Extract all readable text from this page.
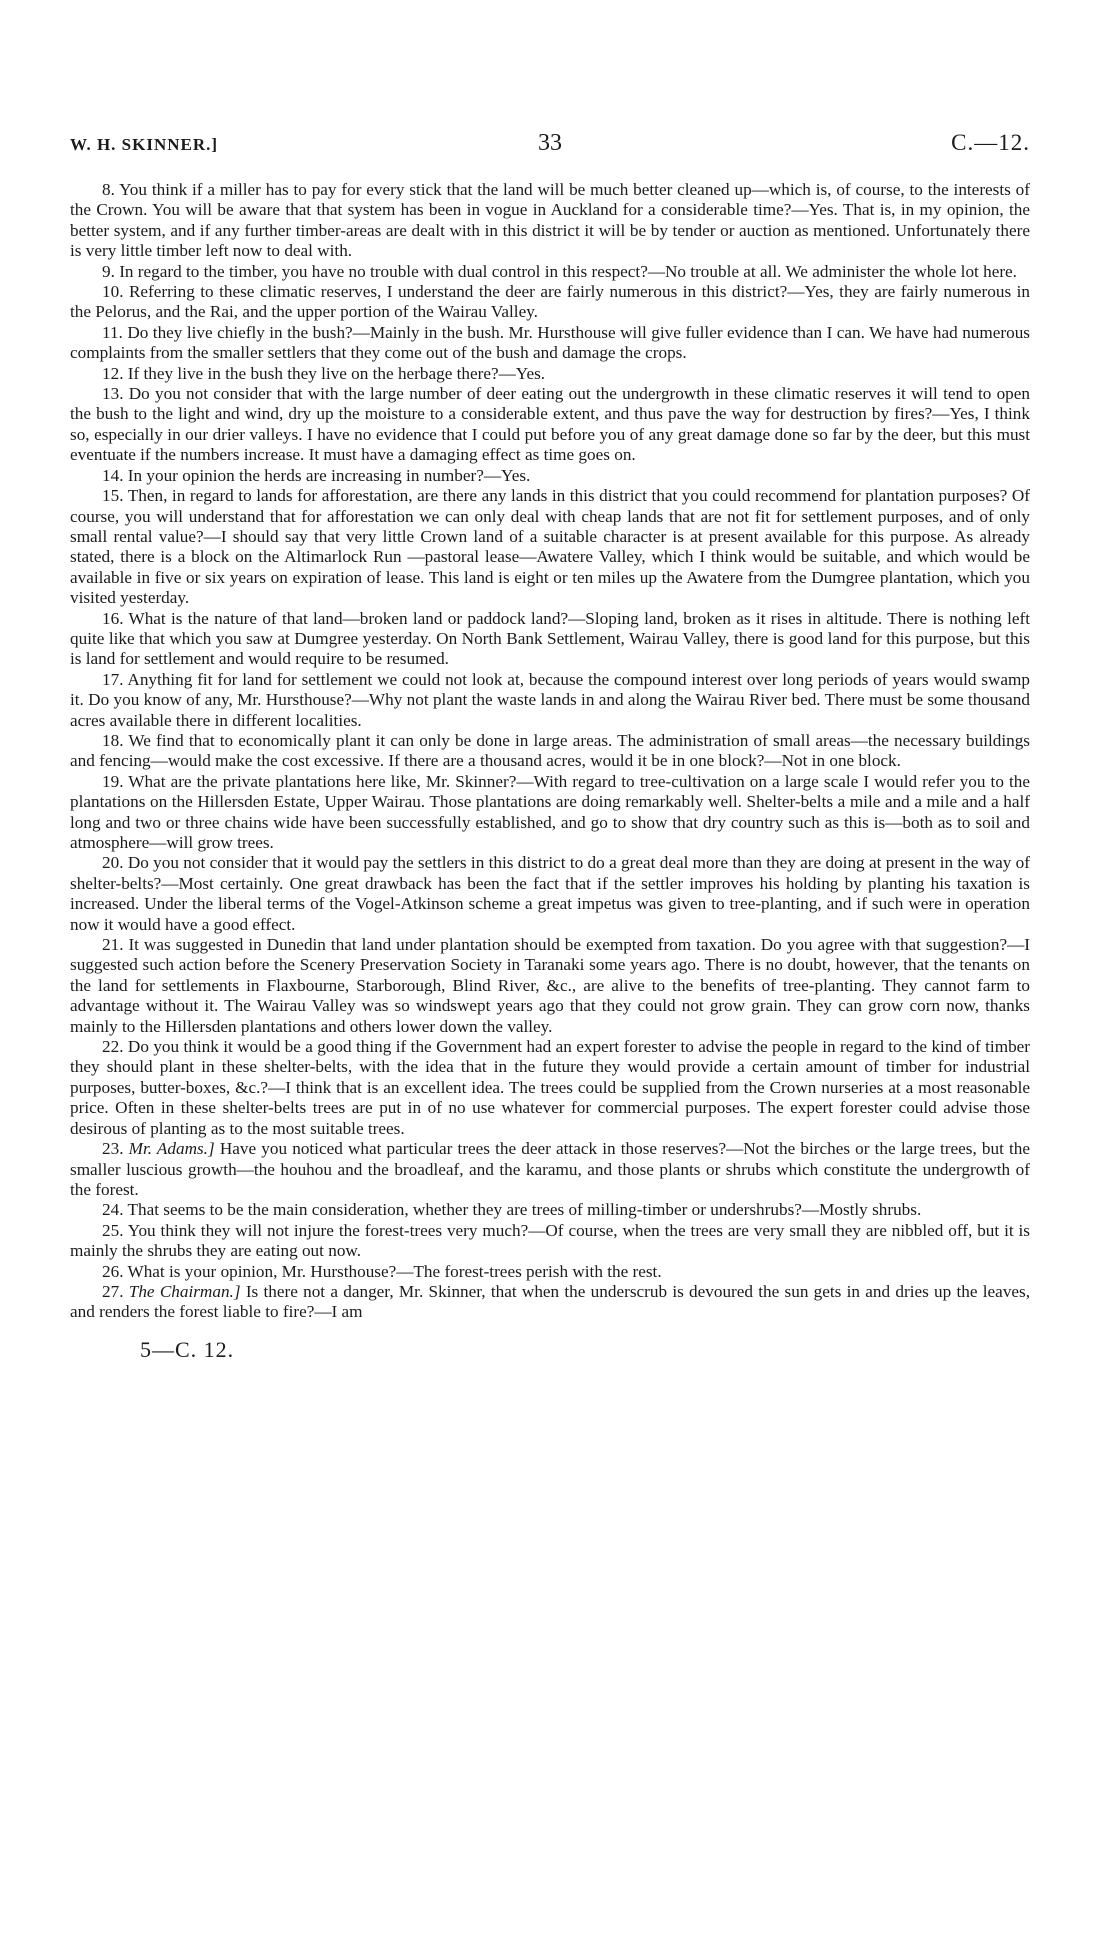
W. H. SKINNER.]	33	C.—12.

8. You think if a miller has to pay for every stick that the land will be much better cleaned up—which is, of course, to the interests of the Crown. You will be aware that that system has been in vogue in Auckland for a considerable time?—Yes. That is, in my opinion, the better system, and if any further timber-areas are dealt with in this district it will be by tender or auction as mentioned. Unfortunately there is very little timber left now to deal with.

9. In regard to the timber, you have no trouble with dual control in this respect?—No trouble at all. We administer the whole lot here.

10. Referring to these climatic reserves, I understand the deer are fairly numerous in this district?—Yes, they are fairly numerous in the Pelorus, and the Rai, and the upper portion of the Wairau Valley.

11. Do they live chiefly in the bush?—Mainly in the bush. Mr. Hursthouse will give fuller evidence than I can. We have had numerous complaints from the smaller settlers that they come out of the bush and damage the crops.

12. If they live in the bush they live on the herbage there?—Yes.

13. Do you not consider that with the large number of deer eating out the undergrowth in these climatic reserves it will tend to open the bush to the light and wind, dry up the moisture to a considerable extent, and thus pave the way for destruction by fires?—Yes, I think so, especially in our drier valleys. I have no evidence that I could put before you of any great damage done so far by the deer, but this must eventuate if the numbers increase. It must have a damaging effect as time goes on.

14. In your opinion the herds are increasing in number?—Yes.

15. Then, in regard to lands for afforestation, are there any lands in this district that you could recommend for plantation purposes? Of course, you will understand that for afforestation we can only deal with cheap lands that are not fit for settlement purposes, and of only small rental value?—I should say that very little Crown land of a suitable character is at present available for this purpose. As already stated, there is a block on the Altimarlock Run —pastoral lease—Awatere Valley, which I think would be suitable, and which would be available in five or six years on expiration of lease. This land is eight or ten miles up the Awatere from the Dumgree plantation, which you visited yesterday.

16. What is the nature of that land—broken land or paddock land?—Sloping land, broken as it rises in altitude. There is nothing left quite like that which you saw at Dumgree yesterday. On North Bank Settlement, Wairau Valley, there is good land for this purpose, but this is land for settlement and would require to be resumed.

17. Anything fit for land for settlement we could not look at, because the compound interest over long periods of years would swamp it. Do you know of any, Mr. Hursthouse?—Why not plant the waste lands in and along the Wairau River bed. There must be some thousand acres available there in different localities.

18. We find that to economically plant it can only be done in large areas. The administration of small areas—the necessary buildings and fencing—would make the cost excessive. If there are a thousand acres, would it be in one block?—Not in one block.

19. What are the private plantations here like, Mr. Skinner?—With regard to tree-cultivation on a large scale I would refer you to the plantations on the Hillersden Estate, Upper Wairau. Those plantations are doing remarkably well. Shelter-belts a mile and a mile and a half long and two or three chains wide have been successfully established, and go to show that dry country such as this is—both as to soil and atmosphere—will grow trees.

20. Do you not consider that it would pay the settlers in this district to do a great deal more than they are doing at present in the way of shelter-belts?—Most certainly. One great drawback has been the fact that if the settler improves his holding by planting his taxation is increased. Under the liberal terms of the Vogel-Atkinson scheme a great impetus was given to tree-planting, and if such were in operation now it would have a good effect.

21. It was suggested in Dunedin that land under plantation should be exempted from taxation. Do you agree with that suggestion?—I suggested such action before the Scenery Preservation Society in Taranaki some years ago. There is no doubt, however, that the tenants on the land for settlements in Flaxbourne, Starborough, Blind River, &c., are alive to the benefits of tree-planting. They cannot farm to advantage without it. The Wairau Valley was so windswept years ago that they could not grow grain. They can grow corn now, thanks mainly to the Hillersden plantations and others lower down the valley.

22. Do you think it would be a good thing if the Government had an expert forester to advise the people in regard to the kind of timber they should plant in these shelter-belts, with the idea that in the future they would provide a certain amount of timber for industrial purposes, butter-boxes, &c.?—I think that is an excellent idea. The trees could be supplied from the Crown nurseries at a most reasonable price. Often in these shelter-belts trees are put in of no use whatever for commercial purposes. The expert forester could advise those desirous of planting as to the most suitable trees.

23. Mr. Adams.] Have you noticed what particular trees the deer attack in those reserves?—Not the birches or the large trees, but the smaller luscious growth—the houhou and the broadleaf, and the karamu, and those plants or shrubs which constitute the undergrowth of the forest.

24. That seems to be the main consideration, whether they are trees of milling-timber or undershrubs?—Mostly shrubs.

25. You think they will not injure the forest-trees very much?—Of course, when the trees are very small they are nibbled off, but it is mainly the shrubs they are eating out now.

26. What is your opinion, Mr. Hursthouse?—The forest-trees perish with the rest.

27. The Chairman.] Is there not a danger, Mr. Skinner, that when the underscrub is devoured the sun gets in and dries up the leaves, and renders the forest liable to fire?—I am

5—C. 12.
